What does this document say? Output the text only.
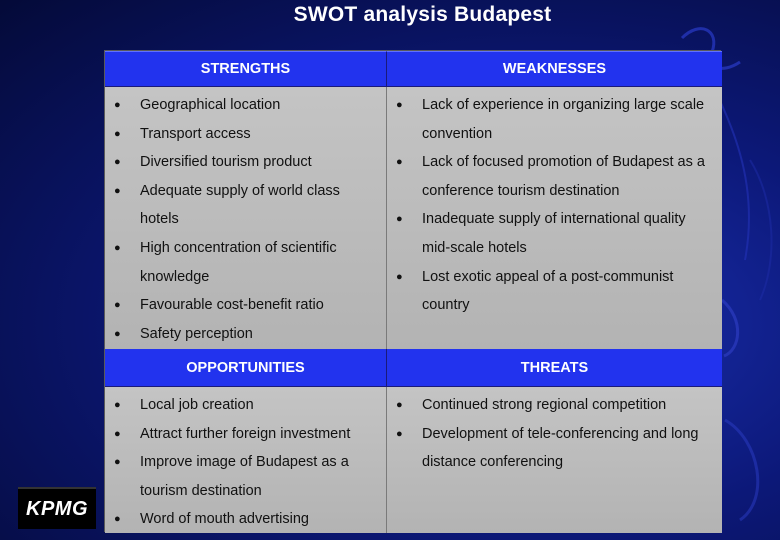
SWOT analysis Budapest
STRENGTHS	WEAKNESSES
● Geographical location
● Transport access
● Diversified tourism product
● Adequate supply of world class hotels
● High concentration of scientific knowledge
● Favourable cost-benefit ratio
● Safety perception
● Lack of experience in organizing large scale convention
● Lack of focused promotion of Budapest as a conference tourism destination
● Inadequate supply of international quality mid-scale hotels
● Lost exotic appeal of a post-communist country
OPPORTUNITIES	THREATS
● Local job creation
● Attract further foreign investment
● Improve image of Budapest as a tourism destination
● Word of mouth advertising
● Continued strong regional competition
● Development of tele-conferencing and long distance conferencing
KPMG
